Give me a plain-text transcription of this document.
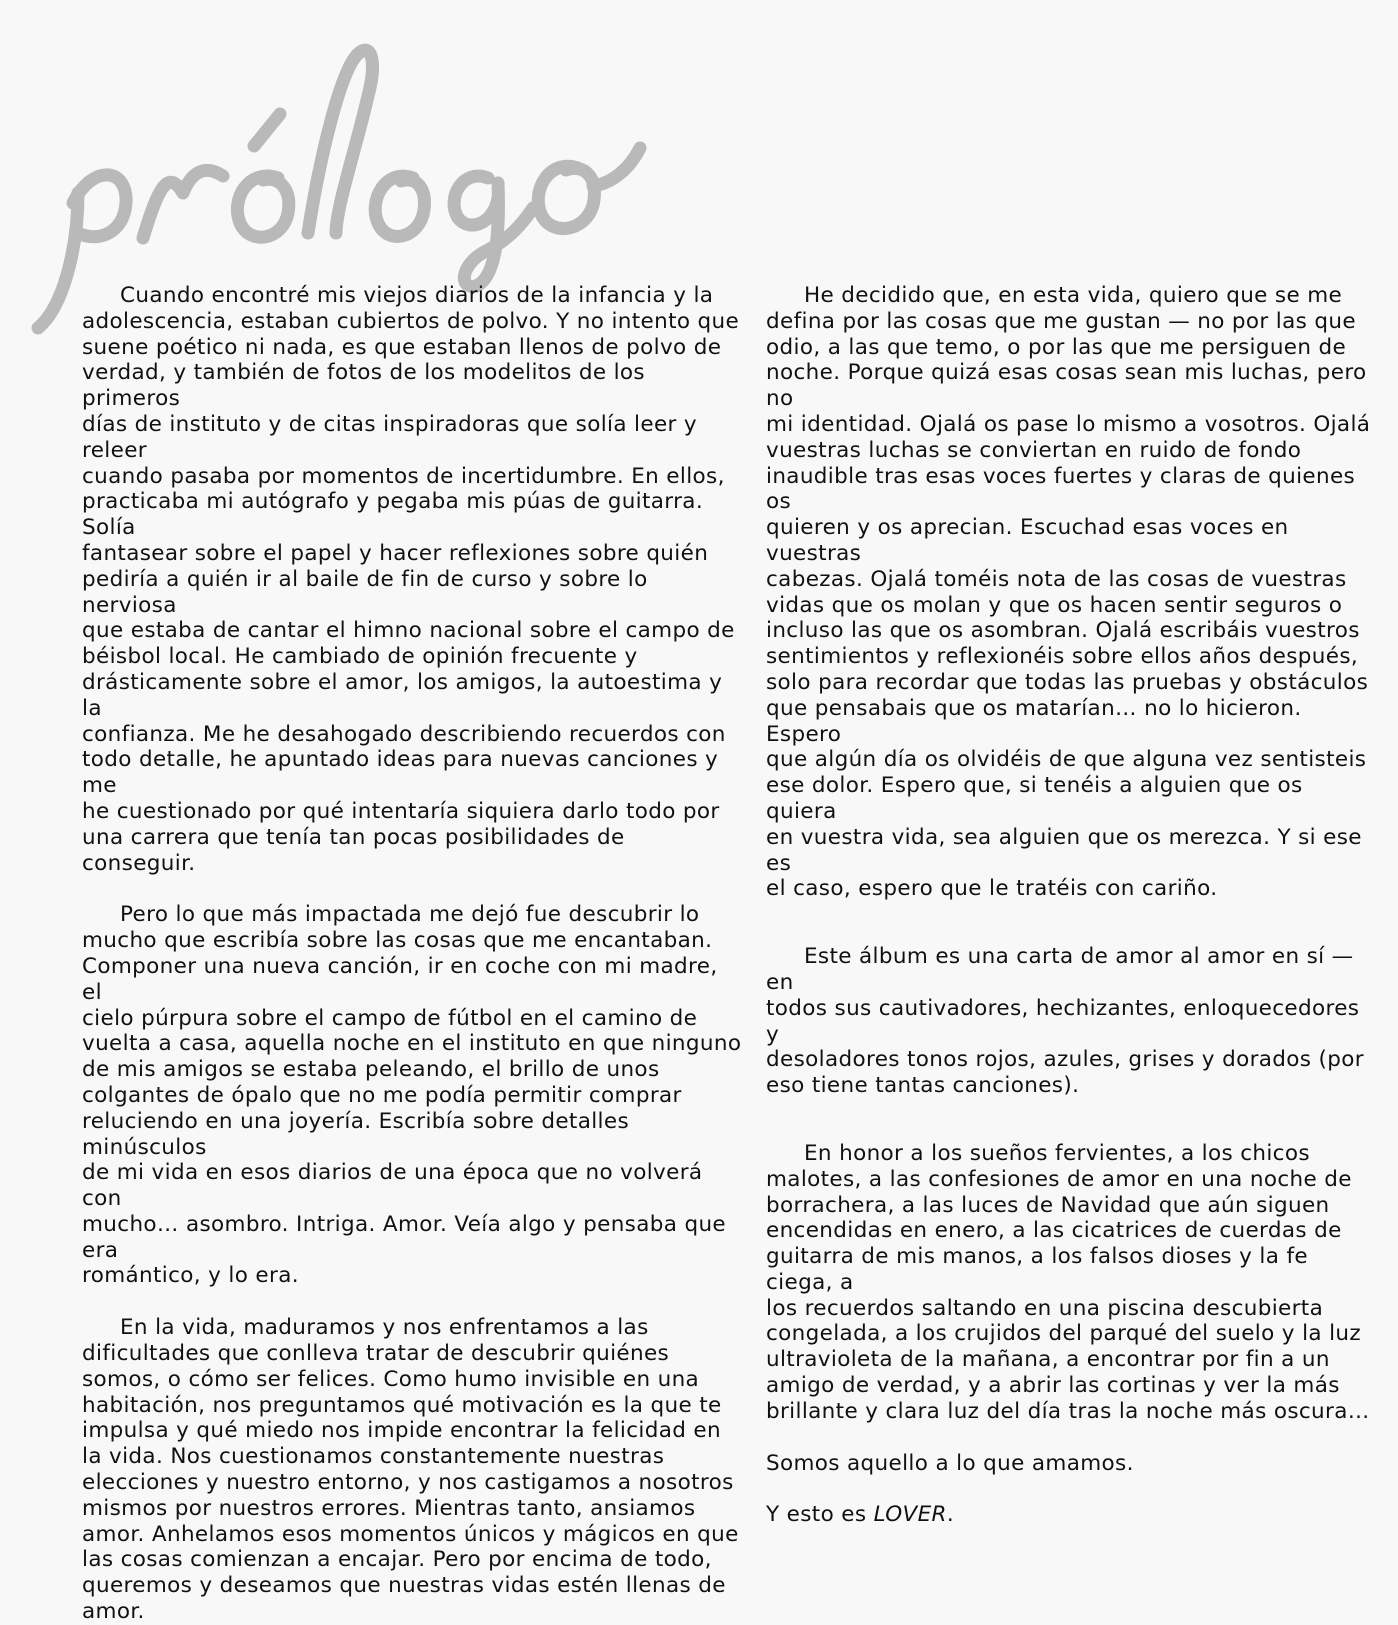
Cuando encontré mis viejos diarios de la infancia y la
adolescencia, estaban cubiertos de polvo. Y no intento que
suene poético ni nada, es que estaban llenos de polvo de
verdad, y también de fotos de los modelitos de los primeros
días de instituto y de citas inspiradoras que solía leer y releer
cuando pasaba por momentos de incertidumbre. En ellos,
practicaba mi autógrafo y pegaba mis púas de guitarra. Solía
fantasear sobre el papel y hacer reflexiones sobre quién
pediría a quién ir al baile de fin de curso y sobre lo nerviosa
que estaba de cantar el himno nacional sobre el campo de
béisbol local. He cambiado de opinión frecuente y
drásticamente sobre el amor, los amigos, la autoestima y la
confianza. Me he desahogado describiendo recuerdos con
todo detalle, he apuntado ideas para nuevas canciones y me
he cuestionado por qué intentaría siquiera darlo todo por
una carrera que tenía tan pocas posibilidades de conseguir.

Pero lo que más impactada me dejó fue descubrir lo
mucho que escribía sobre las cosas que me encantaban.
Componer una nueva canción, ir en coche con mi madre, el
cielo púrpura sobre el campo de fútbol en el camino de
vuelta a casa, aquella noche en el instituto en que ninguno
de mis amigos se estaba peleando, el brillo de unos
colgantes de ópalo que no me podía permitir comprar
reluciendo en una joyería. Escribía sobre detalles minúsculos
de mi vida en esos diarios de una época que no volverá con
mucho… asombro. Intriga. Amor. Veía algo y pensaba que era
romántico, y lo era.

En la vida, maduramos y nos enfrentamos a las
dificultades que conlleva tratar de descubrir quiénes
somos, o cómo ser felices. Como humo invisible en una
habitación, nos preguntamos qué motivación es la que te
impulsa y qué miedo nos impide encontrar la felicidad en
la vida. Nos cuestionamos constantemente nuestras
elecciones y nuestro entorno, y nos castigamos a nosotros
mismos por nuestros errores. Mientras tanto, ansiamos
amor. Anhelamos esos momentos únicos y mágicos en que
las cosas comienzan a encajar. Pero por encima de todo,
queremos y deseamos que nuestras vidas estén llenas de
amor.

He decidido que, en esta vida, quiero que se me
defina por las cosas que me gustan — no por las que
odio, a las que temo, o por las que me persiguen de
noche. Porque quizá esas cosas sean mis luchas, pero no
mi identidad. Ojalá os pase lo mismo a vosotros. Ojalá
vuestras luchas se conviertan en ruido de fondo
inaudible tras esas voces fuertes y claras de quienes os
quieren y os aprecian. Escuchad esas voces en vuestras
cabezas. Ojalá toméis nota de las cosas de vuestras
vidas que os molan y que os hacen sentir seguros o
incluso las que os asombran. Ojalá escribáis vuestros
sentimientos y reflexionéis sobre ellos años después,
solo para recordar que todas las pruebas y obstáculos
que pensabais que os matarían… no lo hicieron. Espero
que algún día os olvidéis de que alguna vez sentisteis
ese dolor. Espero que, si tenéis a alguien que os quiera
en vuestra vida, sea alguien que os merezca. Y si ese es
el caso, espero que le tratéis con cariño.

Este álbum es una carta de amor al amor en sí — en
todos sus cautivadores, hechizantes, enloquecedores y
desoladores tonos rojos, azules, grises y dorados (por
eso tiene tantas canciones).

En honor a los sueños fervientes, a los chicos
malotes, a las confesiones de amor en una noche de
borrachera, a las luces de Navidad que aún siguen
encendidas en enero, a las cicatrices de cuerdas de
guitarra de mis manos, a los falsos dioses y la fe ciega, a
los recuerdos saltando en una piscina descubierta
congelada, a los crujidos del parqué del suelo y la luz
ultravioleta de la mañana, a encontrar por fin a un
amigo de verdad, y a abrir las cortinas y ver la más
brillante y clara luz del día tras la noche más oscura…

Somos aquello a lo que amamos.

Y esto es LOVER.
